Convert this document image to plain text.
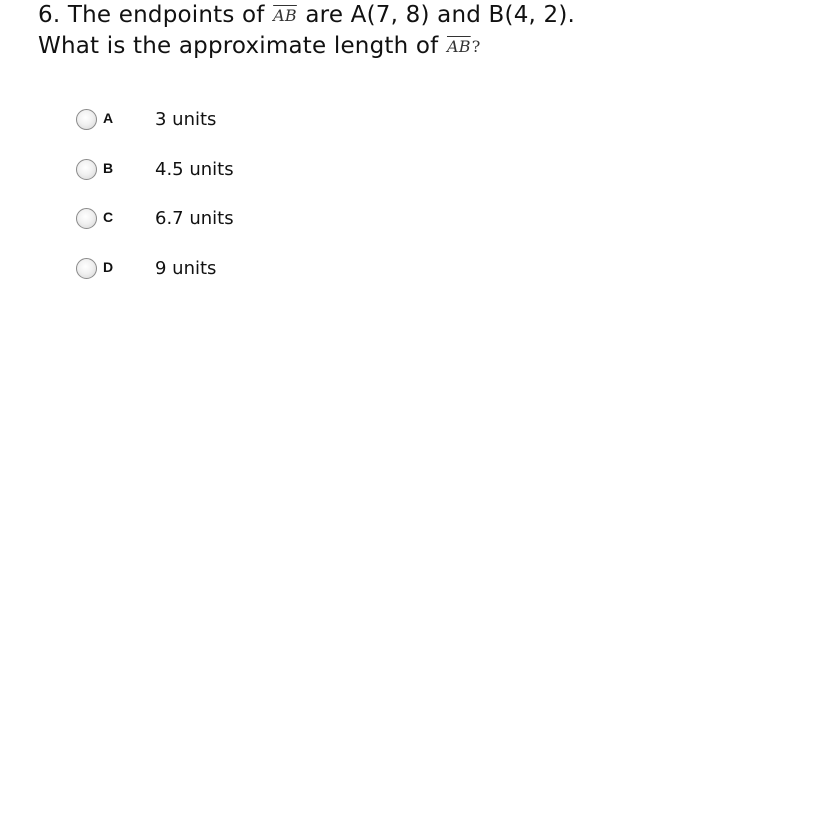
6. The endpoints of $\overline{AB}$ are A(7, 8) and B(4, 2).
What is the approximate length of $\overline{AB}$?
A 3 units
B 4.5 units
C 6.7 units
D 9 units
